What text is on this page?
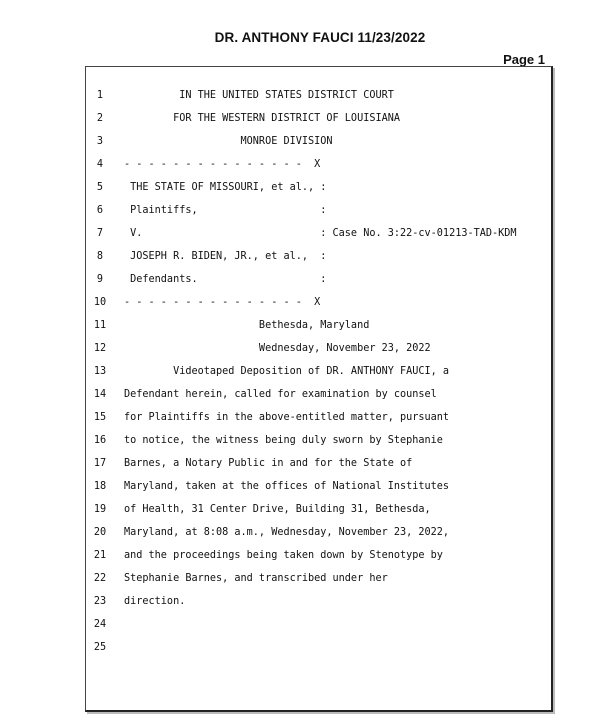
DR. ANTHONY FAUCI 11/23/2022
Page 1
1	IN THE UNITED STATES DISTRICT COURT
2	FOR THE WESTERN DISTRICT OF LOUISIANA
3	MONROE DIVISION
4	- - - - - - - - - - - - - - -  X
5	THE STATE OF MISSOURI, et al., :
6	Plaintiffs,                    :
7	V.                             : Case No. 3:22-cv-01213-TAD-KDM
8	JOSEPH R. BIDEN, JR., et al.,  :
9	Defendants.                    :
10 - - - - - - - - - - - - - - -  X
11 Bethesda, Maryland
12 Wednesday, November 23, 2022
13 Videotaped Deposition of DR. ANTHONY FAUCI, a
14 Defendant herein, called for examination by counsel
15 for Plaintiffs in the above-entitled matter, pursuant
16 to notice, the witness being duly sworn by Stephanie
17 Barnes, a Notary Public in and for the State of
18 Maryland, taken at the offices of National Institutes
19 of Health, 31 Center Drive, Building 31, Bethesda,
20 Maryland, at 8:08 a.m., Wednesday, November 23, 2022,
21 and the proceedings being taken down by Stenotype by
22 Stephanie Barnes, and transcribed under her
23 direction.
24
25
